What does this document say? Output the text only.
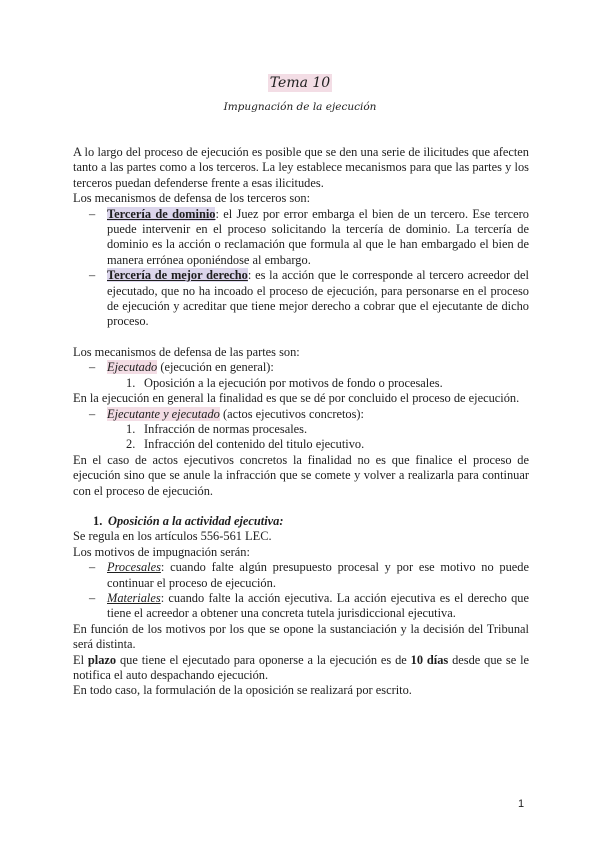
Tema 10
Impugnación de la ejecución

A lo largo del proceso de ejecución es posible que se den una serie de ilicitudes que afecten tanto a las partes como a los terceros. La ley establece mecanismos para que las partes y los terceros puedan defenderse frente a esas ilicitudes.

Los mecanismos de defensa de los terceros son:

– Tercería de dominio: el Juez por error embarga el bien de un tercero. Ese tercero puede intervenir en el proceso solicitando la tercería de dominio. La tercería de dominio es la acción o reclamación que formula al que le han embargado el bien de manera errónea oponiéndose al embargo.
– Tercería de mejor derecho: es la acción que le corresponde al tercero acreedor del ejecutado, que no ha incoado el proceso de ejecución, para personarse en el proceso de ejecución y acreditar que tiene mejor derecho a cobrar que el ejecutante de dicho proceso.

Los mecanismos de defensa de las partes son:

– Ejecutado (ejecución en general):
1. Oposición a la ejecución por motivos de fondo o procesales.

En la ejecución en general la finalidad es que se dé por concluido el proceso de ejecución.

– Ejecutante y ejecutado (actos ejecutivos concretos):
1. Infracción de normas procesales.
2. Infracción del contenido del titulo ejecutivo.

En el caso de actos ejecutivos concretos la finalidad no es que finalice el proceso de ejecución sino que se anule la infracción que se comete y volver a realizarla para continuar con el proceso de ejecución.

1. Oposición a la actividad ejecutiva:

Se regula en los artículos 556-561 LEC.

Los motivos de impugnación serán:

– Procesales: cuando falte algún presupuesto procesal y por ese motivo no puede continuar el proceso de ejecución.
– Materiales: cuando falte la acción ejecutiva. La acción ejecutiva es el derecho que tiene el acreedor a obtener una concreta tutela jurisdiccional ejecutiva.

En función de los motivos por los que se opone la sustanciación y la decisión del Tribunal será distinta.

El plazo que tiene el ejecutado para oponerse a la ejecución es de 10 días desde que se le notifica el auto despachando ejecución.

En todo caso, la formulación de la oposición se realizará por escrito.

1
